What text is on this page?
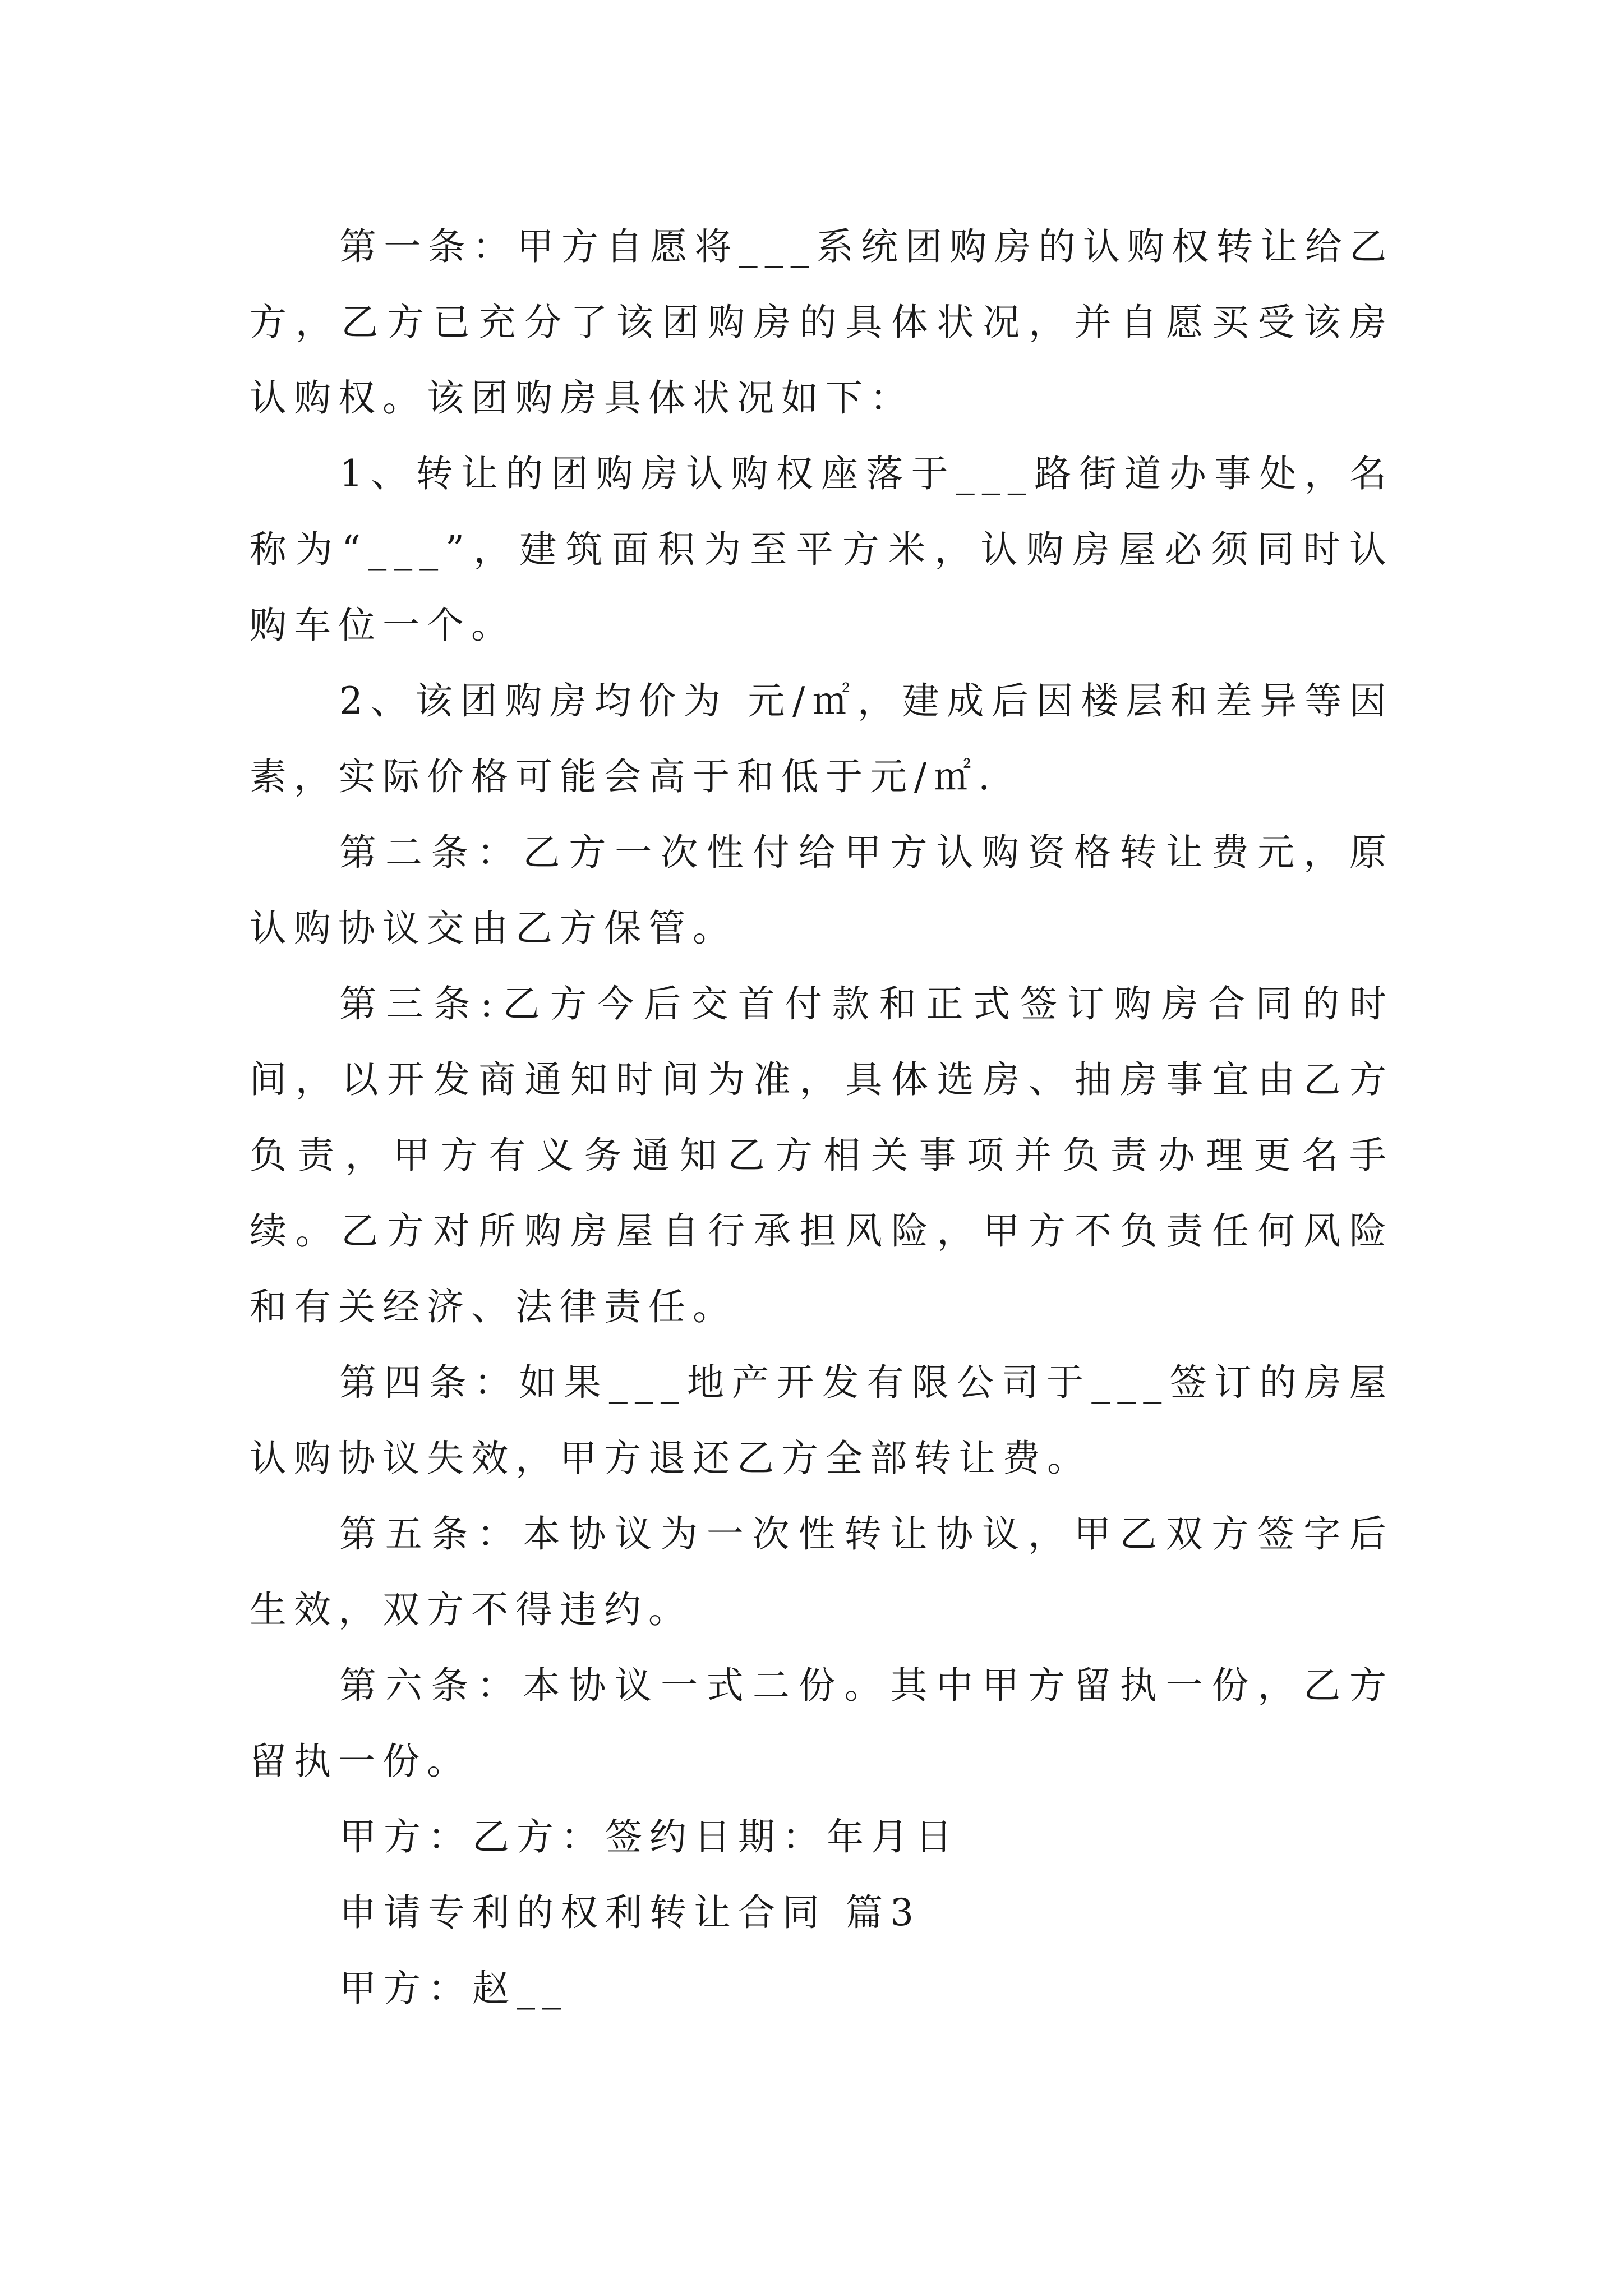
第一条：甲方自愿将___系统团购房的认购权转让给乙方，乙方已充分了该团购房的具体状况，并自愿买受该房认购权。该团购房具体状况如下：

1、转让的团购房认购权座落于___路街道办事处，名称为“___”，建筑面积为至平方米，认购房屋必须同时认购车位一个。

2、该团购房均价为 元/㎡，建成后因楼层和差异等因素，实际价格可能会高于和低于元/㎡.

第二条：乙方一次性付给甲方认购资格转让费元，原认购协议交由乙方保管。

第三条:乙方今后交首付款和正式签订购房合同的时间，以开发商通知时间为准，具体选房、抽房事宜由乙方负责，甲方有义务通知乙方相关事项并负责办理更名手续。乙方对所购房屋自行承担风险，甲方不负责任何风险和有关经济、法律责任。

第四条：如果___地产开发有限公司于___签订的房屋认购协议失效，甲方退还乙方全部转让费。

第五条：本协议为一次性转让协议，甲乙双方签字后生效，双方不得违约。

第六条：本协议一式二份。其中甲方留执一份，乙方留执一份。

甲方：乙方：签约日期：年月日

申请专利的权利转让合同 篇3

甲方：赵__
